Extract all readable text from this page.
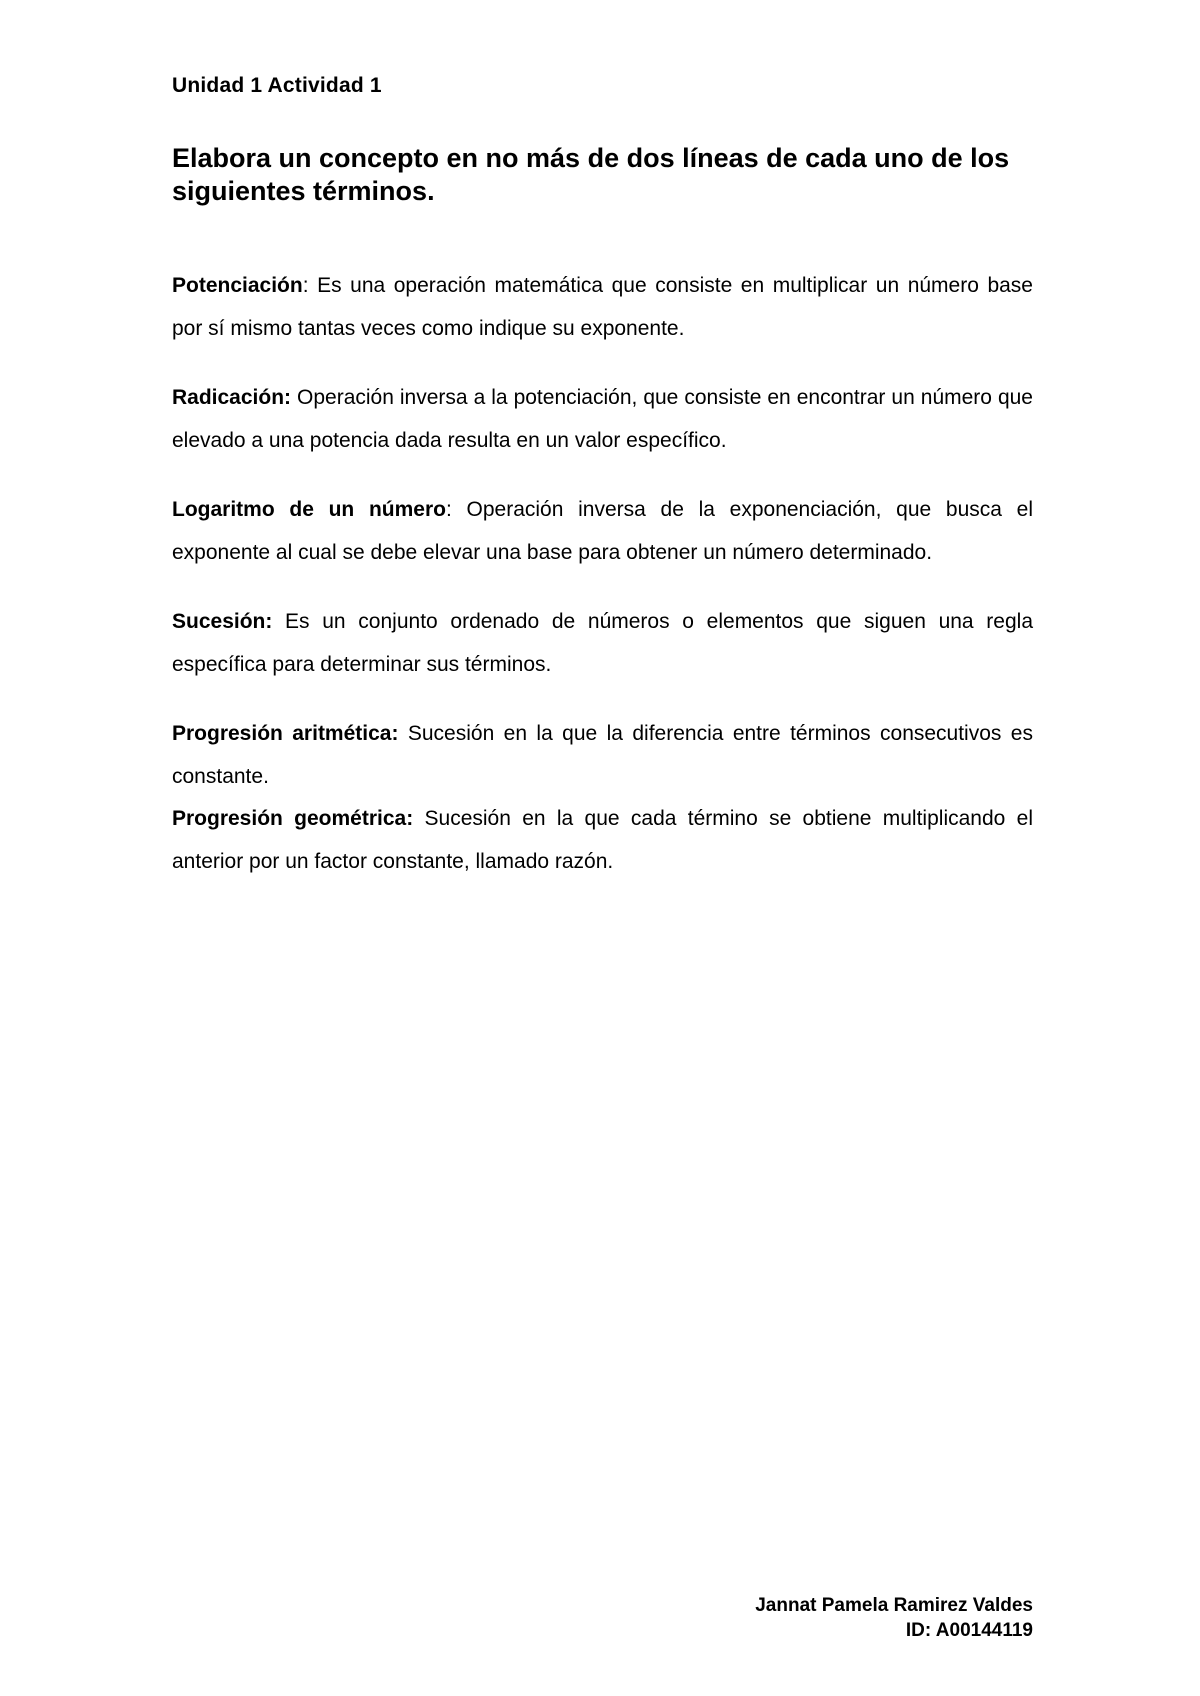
Unidad 1 Actividad 1
Elabora un concepto en no más de dos líneas de cada uno de los siguientes términos.

Potenciación: Es una operación matemática que consiste en multiplicar un número base por sí mismo tantas veces como indique su exponente.

Radicación: Operación inversa a la potenciación, que consiste en encontrar un número que elevado a una potencia dada resulta en un valor específico.

Logaritmo de un número: Operación inversa de la exponenciación, que busca el exponente al cual se debe elevar una base para obtener un número determinado.

Sucesión: Es un conjunto ordenado de números o elementos que siguen una regla específica para determinar sus términos.

Progresión aritmética: Sucesión en la que la diferencia entre términos consecutivos es constante.

Progresión geométrica: Sucesión en la que cada término se obtiene multiplicando el anterior por un factor constante, llamado razón.

Jannat Pamela Ramirez Valdes
ID: A00144119
